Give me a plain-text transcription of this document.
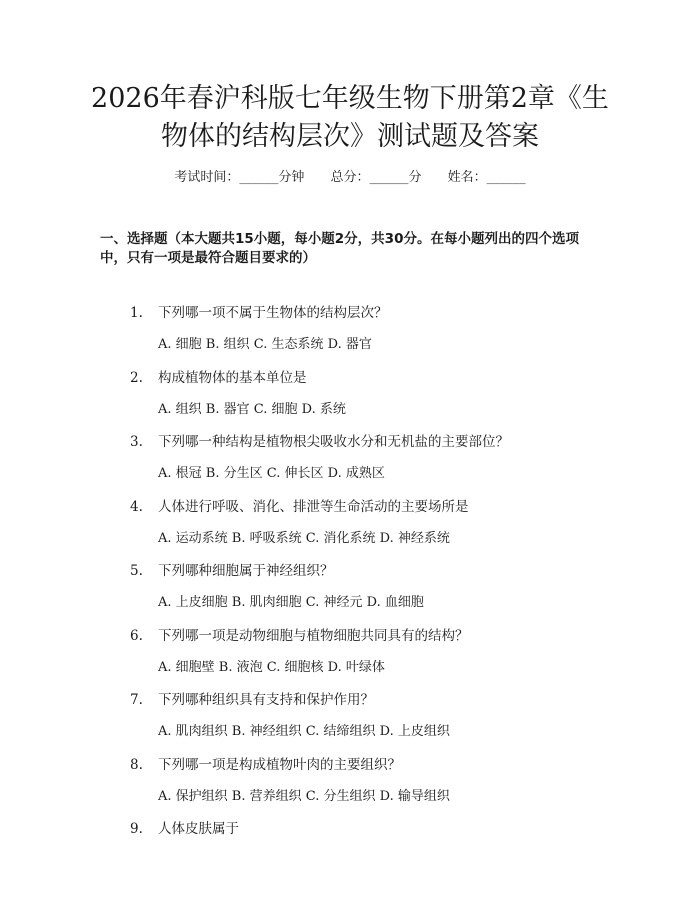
2026年春沪科版七年级生物下册第2章《生物体的结构层次》测试题及答案
考试时间：______分钟 总分：______分 姓名：______
一、选择题（本大题共15小题，每小题2分，共30分。在每小题列出的四个选项中，只有一项是最符合题目要求的）
1. 下列哪一项不属于生物体的结构层次？
A. 细胞 B. 组织 C. 生态系统 D. 器官
2. 构成植物体的基本单位是
A. 组织 B. 器官 C. 细胞 D. 系统
3. 下列哪一种结构是植物根尖吸收水分和无机盐的主要部位？
A. 根冠 B. 分生区 C. 伸长区 D. 成熟区
4. 人体进行呼吸、消化、排泄等生命活动的主要场所是
A. 运动系统 B. 呼吸系统 C. 消化系统 D. 神经系统
5. 下列哪种细胞属于神经组织？
A. 上皮细胞 B. 肌肉细胞 C. 神经元 D. 血细胞
6. 下列哪一项是动物细胞与植物细胞共同具有的结构？
A. 细胞壁 B. 液泡 C. 细胞核 D. 叶绿体
7. 下列哪种组织具有支持和保护作用？
A. 肌肉组织 B. 神经组织 C. 结缔组织 D. 上皮组织
8. 下列哪一项是构成植物叶肉的主要组织？
A. 保护组织 B. 营养组织 C. 分生组织 D. 输导组织
9. 人体皮肤属于
